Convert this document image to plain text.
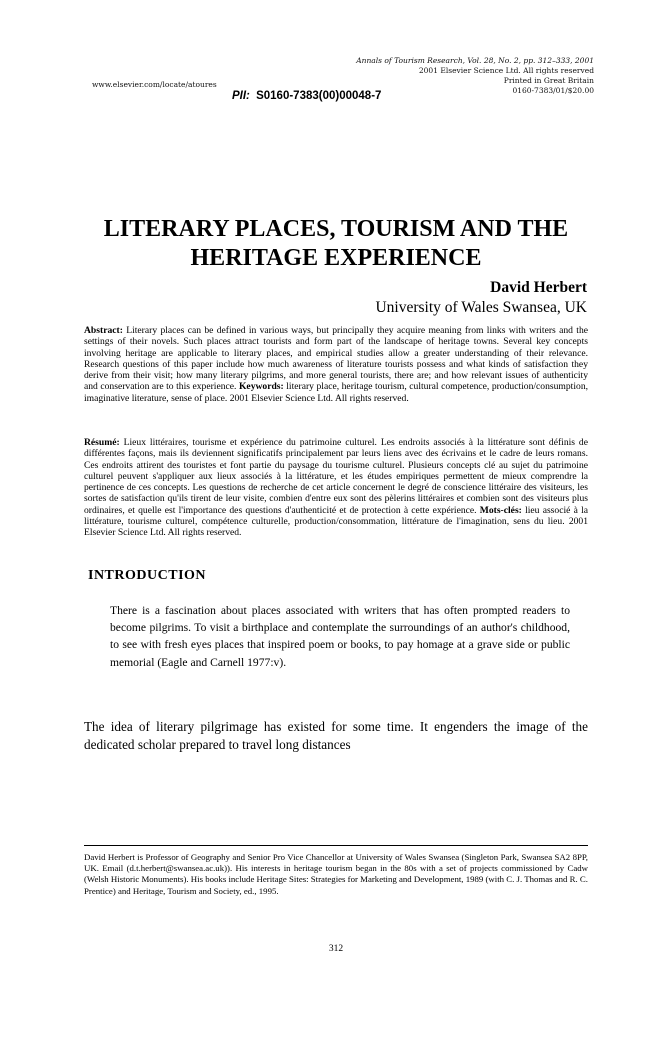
Annals of Tourism Research, Vol. 28, No. 2, pp. 312–333, 2001
2001 Elsevier Science Ltd. All rights reserved
Printed in Great Britain
0160-7383/01/$20.00
www.elsevier.com/locate/atoures
PII: S0160-7383(00)00048-7
LITERARY PLACES, TOURISM AND THE HERITAGE EXPERIENCE
David Herbert
University of Wales Swansea, UK
Abstract: Literary places can be defined in various ways, but principally they acquire meaning from links with writers and the settings of their novels. Such places attract tourists and form part of the landscape of heritage towns. Several key concepts involving heritage are applicable to literary places, and empirical studies allow a greater understanding of their relevance. Research questions of this paper include how much awareness of literature tourists possess and what kinds of satisfaction they derive from their visit; how many literary pilgrims, and more general tourists, there are; and how relevant issues of authenticity and conservation are to this experience. Keywords: literary place, heritage tourism, cultural competence, production/consumption, imaginative literature, sense of place. 2001 Elsevier Science Ltd. All rights reserved.
Résumé: Lieux littéraires, tourisme et expérience du patrimoine culturel. Les endroits associés à la littérature sont définis de différentes façons, mais ils deviennent significatifs principalement par leurs liens avec des écrivains et le cadre de leurs romans. Ces endroits attirent des touristes et font partie du paysage du tourisme culturel. Plusieurs concepts clé au sujet du patrimoine culturel peuvent s'appliquer aux lieux associés à la littérature, et les études empiriques permettent de mieux comprendre la pertinence de ces concepts. Les questions de recherche de cet article concernent le degré de conscience littéraire des visiteurs, les sortes de satisfaction qu'ils tirent de leur visite, combien d'entre eux sont des pèlerins littéraires et combien sont des visiteurs plus ordinaires, et quelle est l'importance des questions d'authenticité et de protection à cette expérience. Mots-clés: lieu associé à la littérature, tourisme culturel, compétence culturelle, production/consommation, littérature de l'imagination, sens du lieu. 2001 Elsevier Science Ltd. All rights reserved.
INTRODUCTION
There is a fascination about places associated with writers that has often prompted readers to become pilgrims. To visit a birthplace and contemplate the surroundings of an author's childhood, to see with fresh eyes places that inspired poem or books, to pay homage at a grave side or public memorial (Eagle and Carnell 1977:v).
The idea of literary pilgrimage has existed for some time. It engenders the image of the dedicated scholar prepared to travel long distances
David Herbert is Professor of Geography and Senior Pro Vice Chancellor at University of Wales Swansea (Singleton Park, Swansea SA2 8PP, UK. Email (d.t.herbert@swansea.ac.uk)). His interests in heritage tourism began in the 80s with a set of projects commissioned by Cadw (Welsh Historic Monuments). His books include Heritage Sites: Strategies for Marketing and Development, 1989 (with C. J. Thomas and R. C. Prentice) and Heritage, Tourism and Society, ed., 1995.
312
